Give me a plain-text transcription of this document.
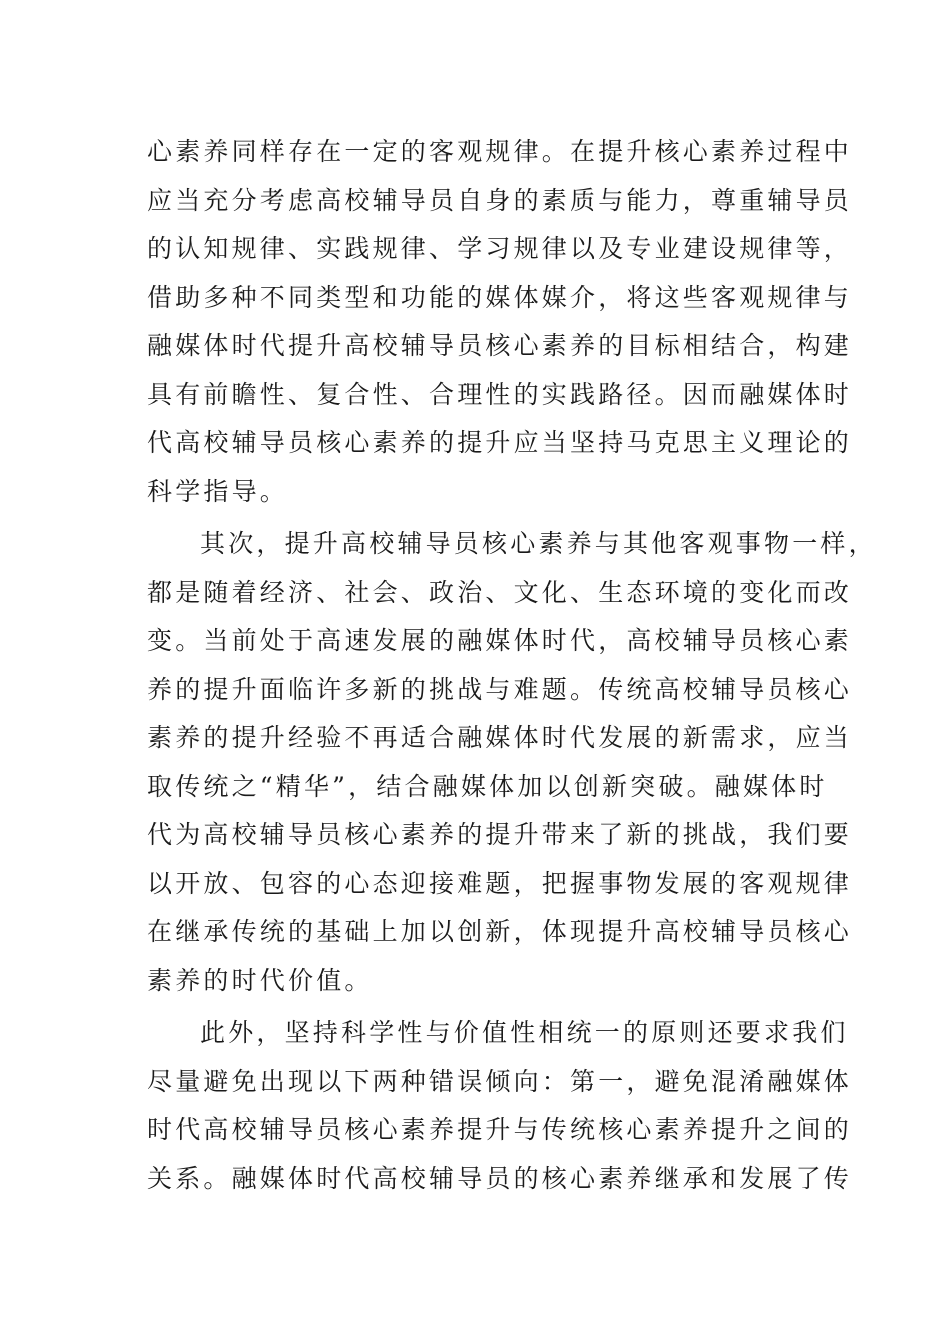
心素养同样存在一定的客观规律。在提升核心素养过程中
应当充分考虑高校辅导员自身的素质与能力，尊重辅导员
的认知规律、实践规律、学习规律以及专业建设规律等，
借助多种不同类型和功能的媒体媒介，将这些客观规律与
融媒体时代提升高校辅导员核心素养的目标相结合，构建
具有前瞻性、复合性、合理性的实践路径。因而融媒体时
代高校辅导员核心素养的提升应当坚持马克思主义理论的
科学指导。
其次，提升高校辅导员核心素养与其他客观事物一样，
都是随着经济、社会、政治、文化、生态环境的变化而改
变。当前处于高速发展的融媒体时代，高校辅导员核心素
养的提升面临许多新的挑战与难题。传统高校辅导员核心
素养的提升经验不再适合融媒体时代发展的新需求，应当
取传统之“精华”，结合融媒体加以创新突破。融媒体时
代为高校辅导员核心素养的提升带来了新的挑战，我们要
以开放、包容的心态迎接难题，把握事物发展的客观规律
在继承传统的基础上加以创新，体现提升高校辅导员核心
素养的时代价值。
此外，坚持科学性与价值性相统一的原则还要求我们
尽量避免出现以下两种错误倾向：第一，避免混淆融媒体
时代高校辅导员核心素养提升与传统核心素养提升之间的
关系。融媒体时代高校辅导员的核心素养继承和发展了传
